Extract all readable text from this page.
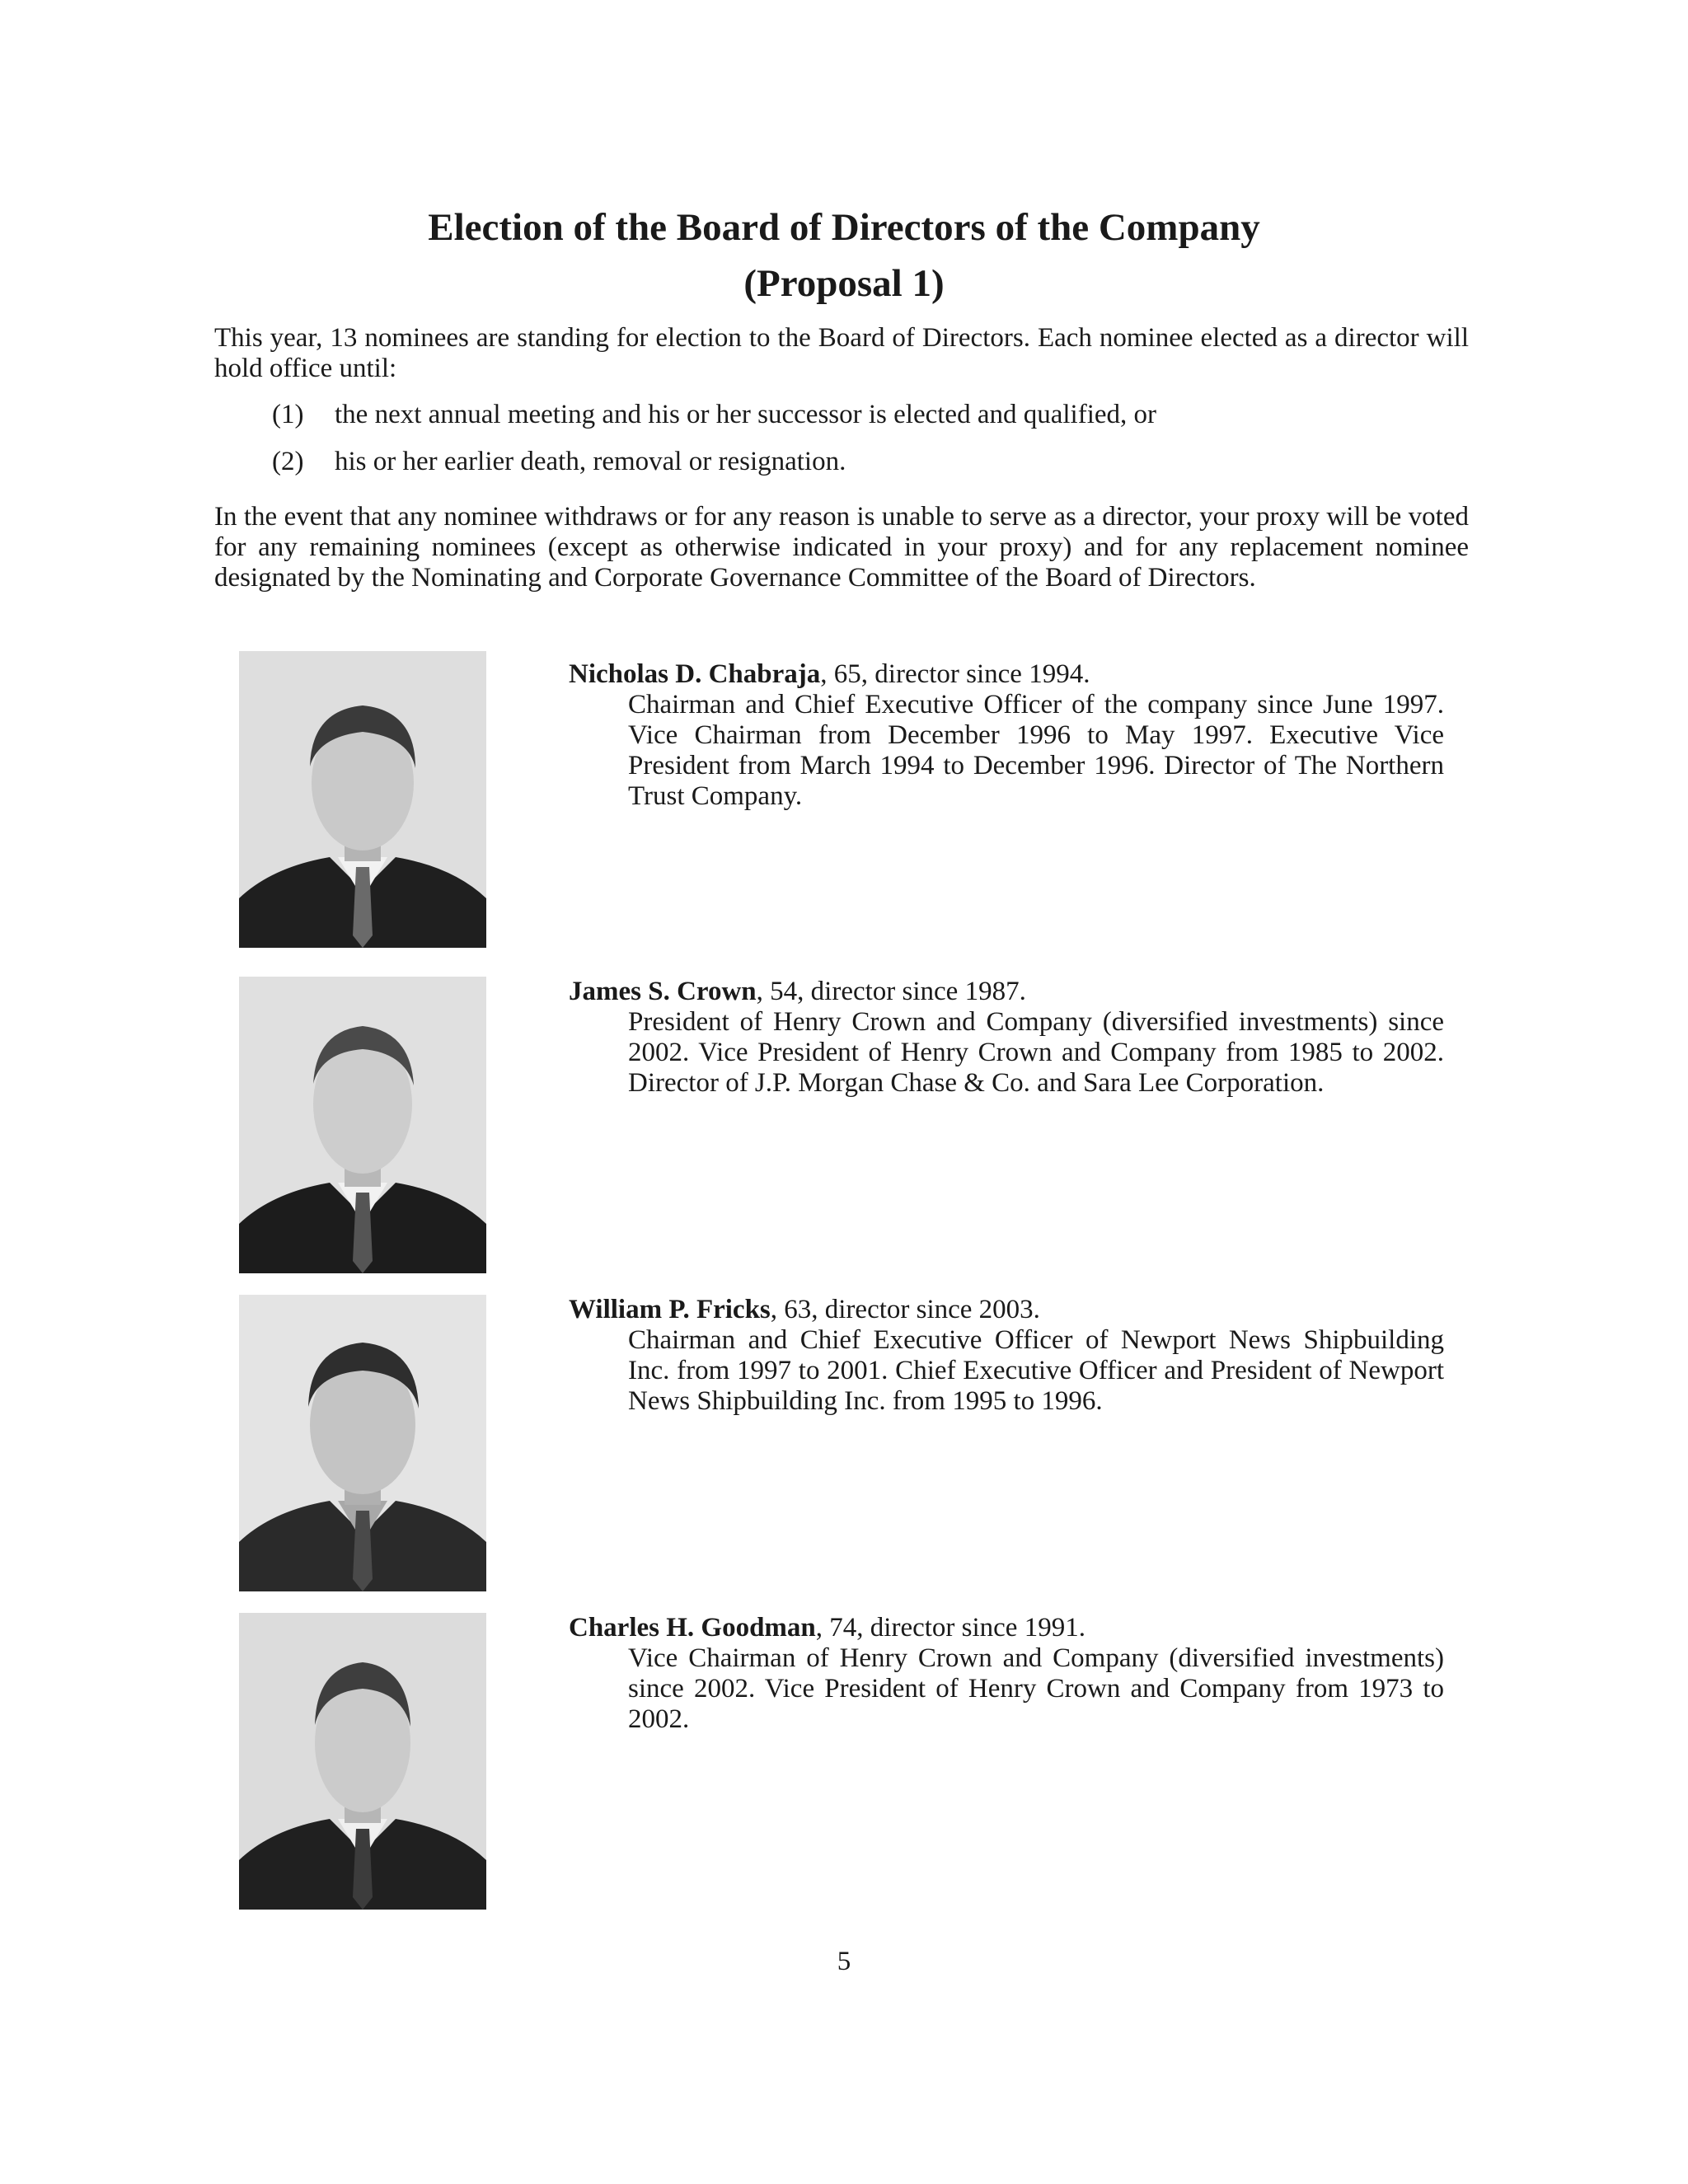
Election of the Board of Directors of the Company
(Proposal 1)
This year, 13 nominees are standing for election to the Board of Directors. Each nominee elected as a director will hold office until:
(1) the next annual meeting and his or her successor is elected and qualified, or
(2) his or her earlier death, removal or resignation.
In the event that any nominee withdraws or for any reason is unable to serve as a director, your proxy will be voted for any remaining nominees (except as otherwise indicated in your proxy) and for any replacement nominee designated by the Nominating and Corporate Governance Committee of the Board of Directors.
Nicholas D. Chabraja, 65, director since 1994.
Chairman and Chief Executive Officer of the company since June 1997. Vice Chairman from December 1996 to May 1997. Executive Vice President from March 1994 to December 1996. Director of The Northern Trust Company.
James S. Crown, 54, director since 1987.
President of Henry Crown and Company (diversified investments) since 2002. Vice President of Henry Crown and Company from 1985 to 2002. Director of J.P. Morgan Chase & Co. and Sara Lee Corporation.
William P. Fricks, 63, director since 2003.
Chairman and Chief Executive Officer of Newport News Shipbuilding Inc. from 1997 to 2001. Chief Executive Officer and President of Newport News Shipbuilding Inc. from 1995 to 1996.
Charles H. Goodman, 74, director since 1991.
Vice Chairman of Henry Crown and Company (diversified investments) since 2002. Vice President of Henry Crown and Company from 1973 to 2002.
5
